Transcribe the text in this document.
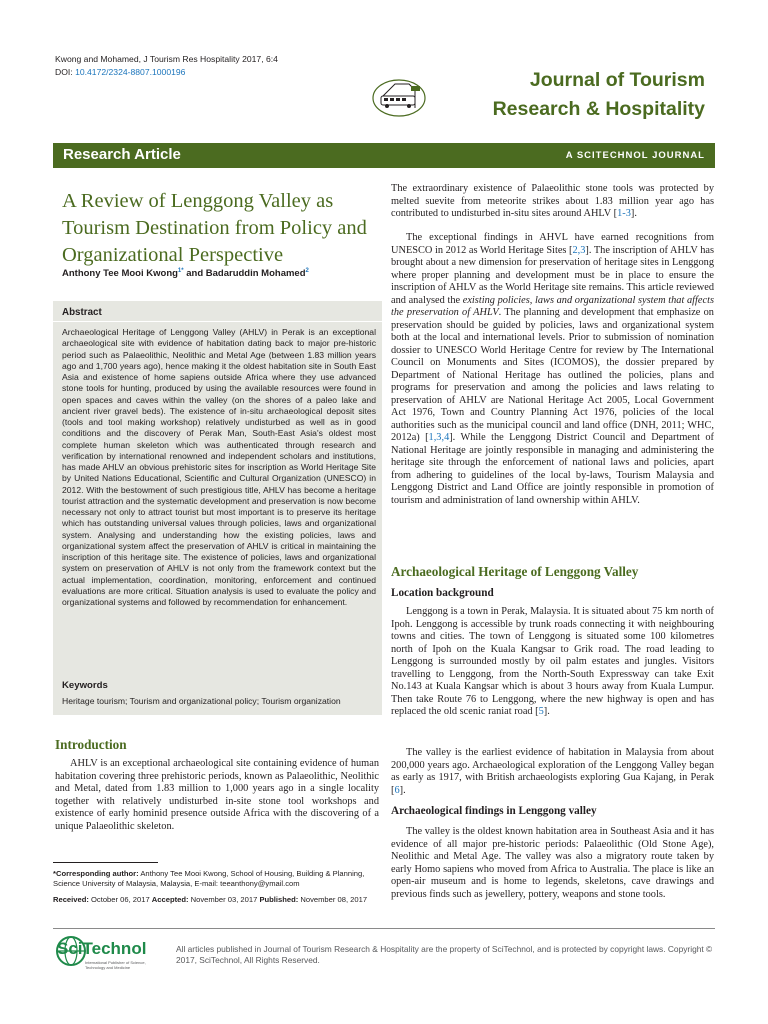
Kwong and Mohamed, J Tourism Res Hospitality 2017, 6:4
DOI: 10.4172/2324-8807.1000196	Journal of Tourism
Research & Hospitality
Research Article	A SCITECHNOL JOURNAL
A Review of Lenggong Valley as Tourism Destination from Policy and Organizational Perspective
Anthony Tee Mooi Kwong$^{1*}$ and Badaruddin Mohamed$^2$
Abstract

Archaeological Heritage of Lenggong Valley (AHLV) in Perak is an exceptional archaeological site with evidence of habitation dating back to major pre-historic period such as Palaeolithic, Neolithic and Metal Age (between 1.83 million years ago and 1,700 years ago), hence making it the oldest habitation site in South East Asia and existence of home sapiens outside Africa where they use advanced stone tools for hunting, produced by using the available resources were found in open spaces and caves within the valley (on the shores of a paleo lake and ancient river gravel beds). The existence of in-situ archaeological deposit sites (tools and tool making workshop) relatively undisturbed as well as in good conditions and the discovery of Perak Man, South-East Asia's oldest most complete human skeleton which was authenticated through research and verification by international renowned and independent scholars and institutions, has made AHLV an obvious prehistoric sites for inscription as World Heritage Site by United Nations Educational, Scientific and Cultural Organization (UNESCO) in 2012. With the bestowment of such prestigious title, AHLV has become a heritage tourist attraction and the systematic development and preservation is now become necessary not only to attract tourist but most important is to preserve its heritage which has outstanding universal values through policies, laws and organizational system. Analysing and understanding how the existing policies, laws and organizational system affect the preservation of AHLV is critical in maintaining the inscription of this heritage site. The existence of policies, laws and organizational system on preservation of AHLV is not only from the framework context but the actual implementation, coordination, monitoring, enforcement and continued evaluations are more critical. Situation analysis is used to evaluate the policy and organizational systems and followed by recommendation for enhancement.

Keywords
Heritage tourism; Tourism and organizational policy; Tourism organization
Introduction

AHLV is an exceptional archaeological site containing evidence of human habitation covering three prehistoric periods, known as Palaeolithic, Neolithic and Metal, dated from 1.83 million to 1,000 years ago in a single locality together with relatively undisturbed in-site stone tool workshops and existence of early hominid presence outside Africa with the discovering of a unique Palaeolithic skeleton.

*Corresponding author: Anthony Tee Mooi Kwong, School of Housing, Building & Planning, Science University of Malaysia, Malaysia, E-mail: teeanthony@ymail.com
Received: October 06, 2017 Accepted: November 03, 2017 Published: November 08, 2017

The extraordinary existence of Palaeolithic stone tools was protected by melted suevite from meteorite strikes about 1.83 million year ago has contributed to undisturbed in-situ sites around AHLV [1-3].

The exceptional findings in AHVL have earned recognitions from UNESCO in 2012 as World Heritage Sites [2,3]. The inscription of AHLV has brought about a new dimension for preservation of heritage sites in Lenggong where proper planning and development must be in place to ensure the inscription of AHLV as the World Heritage site remains. This article reviewed and analysed the existing policies, laws and organizational system that affects the preservation of AHLV. The planning and development that emphasize on preservation should be guided by policies, laws and organizational system both at the local and international levels. Prior to submission of nomination dossier to UNESCO World Heritage Centre for review by The International Council on Monuments and Sites (ICOMOS), the dossier prepared by Department of National Heritage has outlined the policies, plans and programs for preservation and among the policies and laws relating to preservation of AHLV are National Heritage Act 2005, Local Government Act 1976, Town and Country Planning Act 1976, policies of the local authorities such as the municipal council and land office (DNH, 2011; WHC, 2012a) [1,3,4]. While the Lenggong District Council and Department of National Heritage are jointly responsible in managing and administering the heritage site through the enforcement of national laws and policies, apart from adhering to guidelines of the local by-laws, Tourism Malaysia and Lenggong District and Land Office are jointly responsible in promotion of tourism and administration of land ownership within AHLV.

Archaeological Heritage of Lenggong Valley
Location background

Lenggong is a town in Perak, Malaysia. It is situated about 75 km north of Ipoh. Lenggong is accessible by trunk roads connecting it with neighbouring towns and cities. The town of Lenggong is situated some 100 kilometres north of Ipoh on the Kuala Kangsar to Grik road. The road leading to Lenggong is surrounded mostly by oil palm estates and jungles. Visitors travelling to Lenggong, from the North-South Expressway can take Exit No.143 at Kuala Kangsar which is about 3 hours away from Kuala Lumpur. Then take Route 76 to Lenggong, where the new highway is open and has replaced the old scenic raniat road [5].

The valley is the earliest evidence of habitation in Malaysia from about 200,000 years ago. Archaeological exploration of the Lenggong Valley began as early as 1917, with British archaeologists exploring Gua Kajang, in Perak [6].

Archaeological findings in Lenggong valley

The valley is the oldest known habitation area in Southeast Asia and it has evidence of all major pre-historic periods: Palaeolithic (Old Stone Age), Neolithic and Metal Age. The valley was also a migratory route taken by early Homo sapiens who moved from Africa to Australia. The place is like an open-air museum and is home to legends, skeletons, cave drawings and previous finds such as jewellery, pottery, weapons and stone tools.

SciTechnol
International Publisher of Science, Technology and Medicine
All articles published in Journal of Tourism Research & Hospitality are the property of SciTechnol, and is protected by copyright laws. Copyright © 2017, SciTechnol, All Rights Reserved.
